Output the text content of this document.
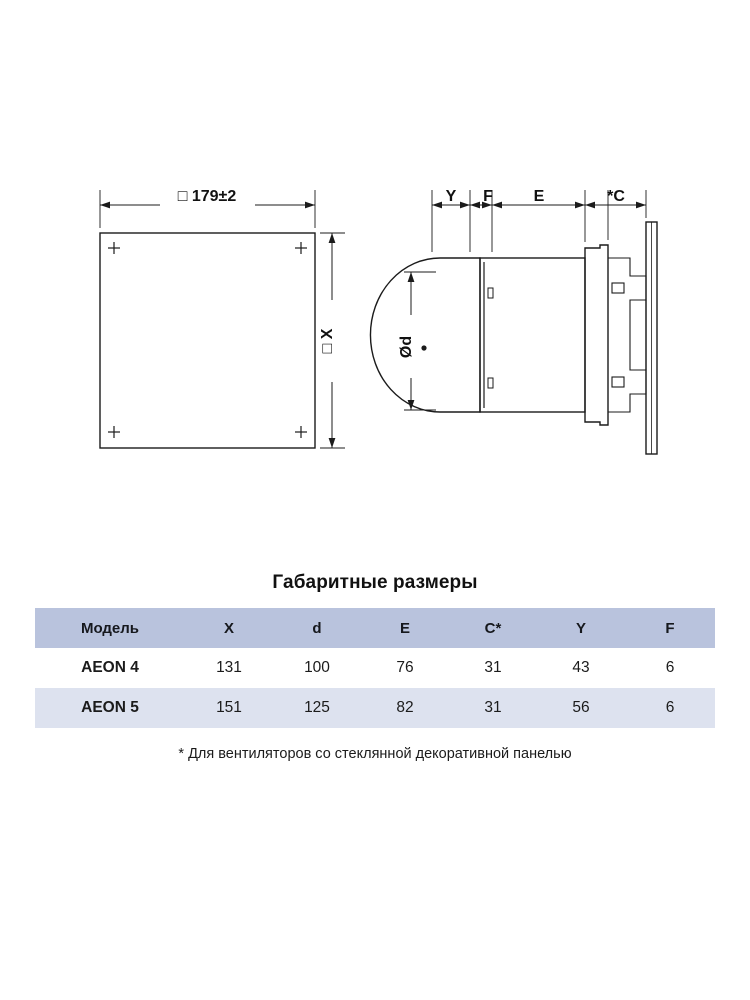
□ 179±2
□ X	Ød
Y F	E	*C
Габаритные размеры
Модель	X	d	E	C*	Y	F
AEON 4	131	100	76	31	43	6
AEON 5	151	125	82	31	56	6
* Для вентиляторов со стеклянной декоративной панелью
